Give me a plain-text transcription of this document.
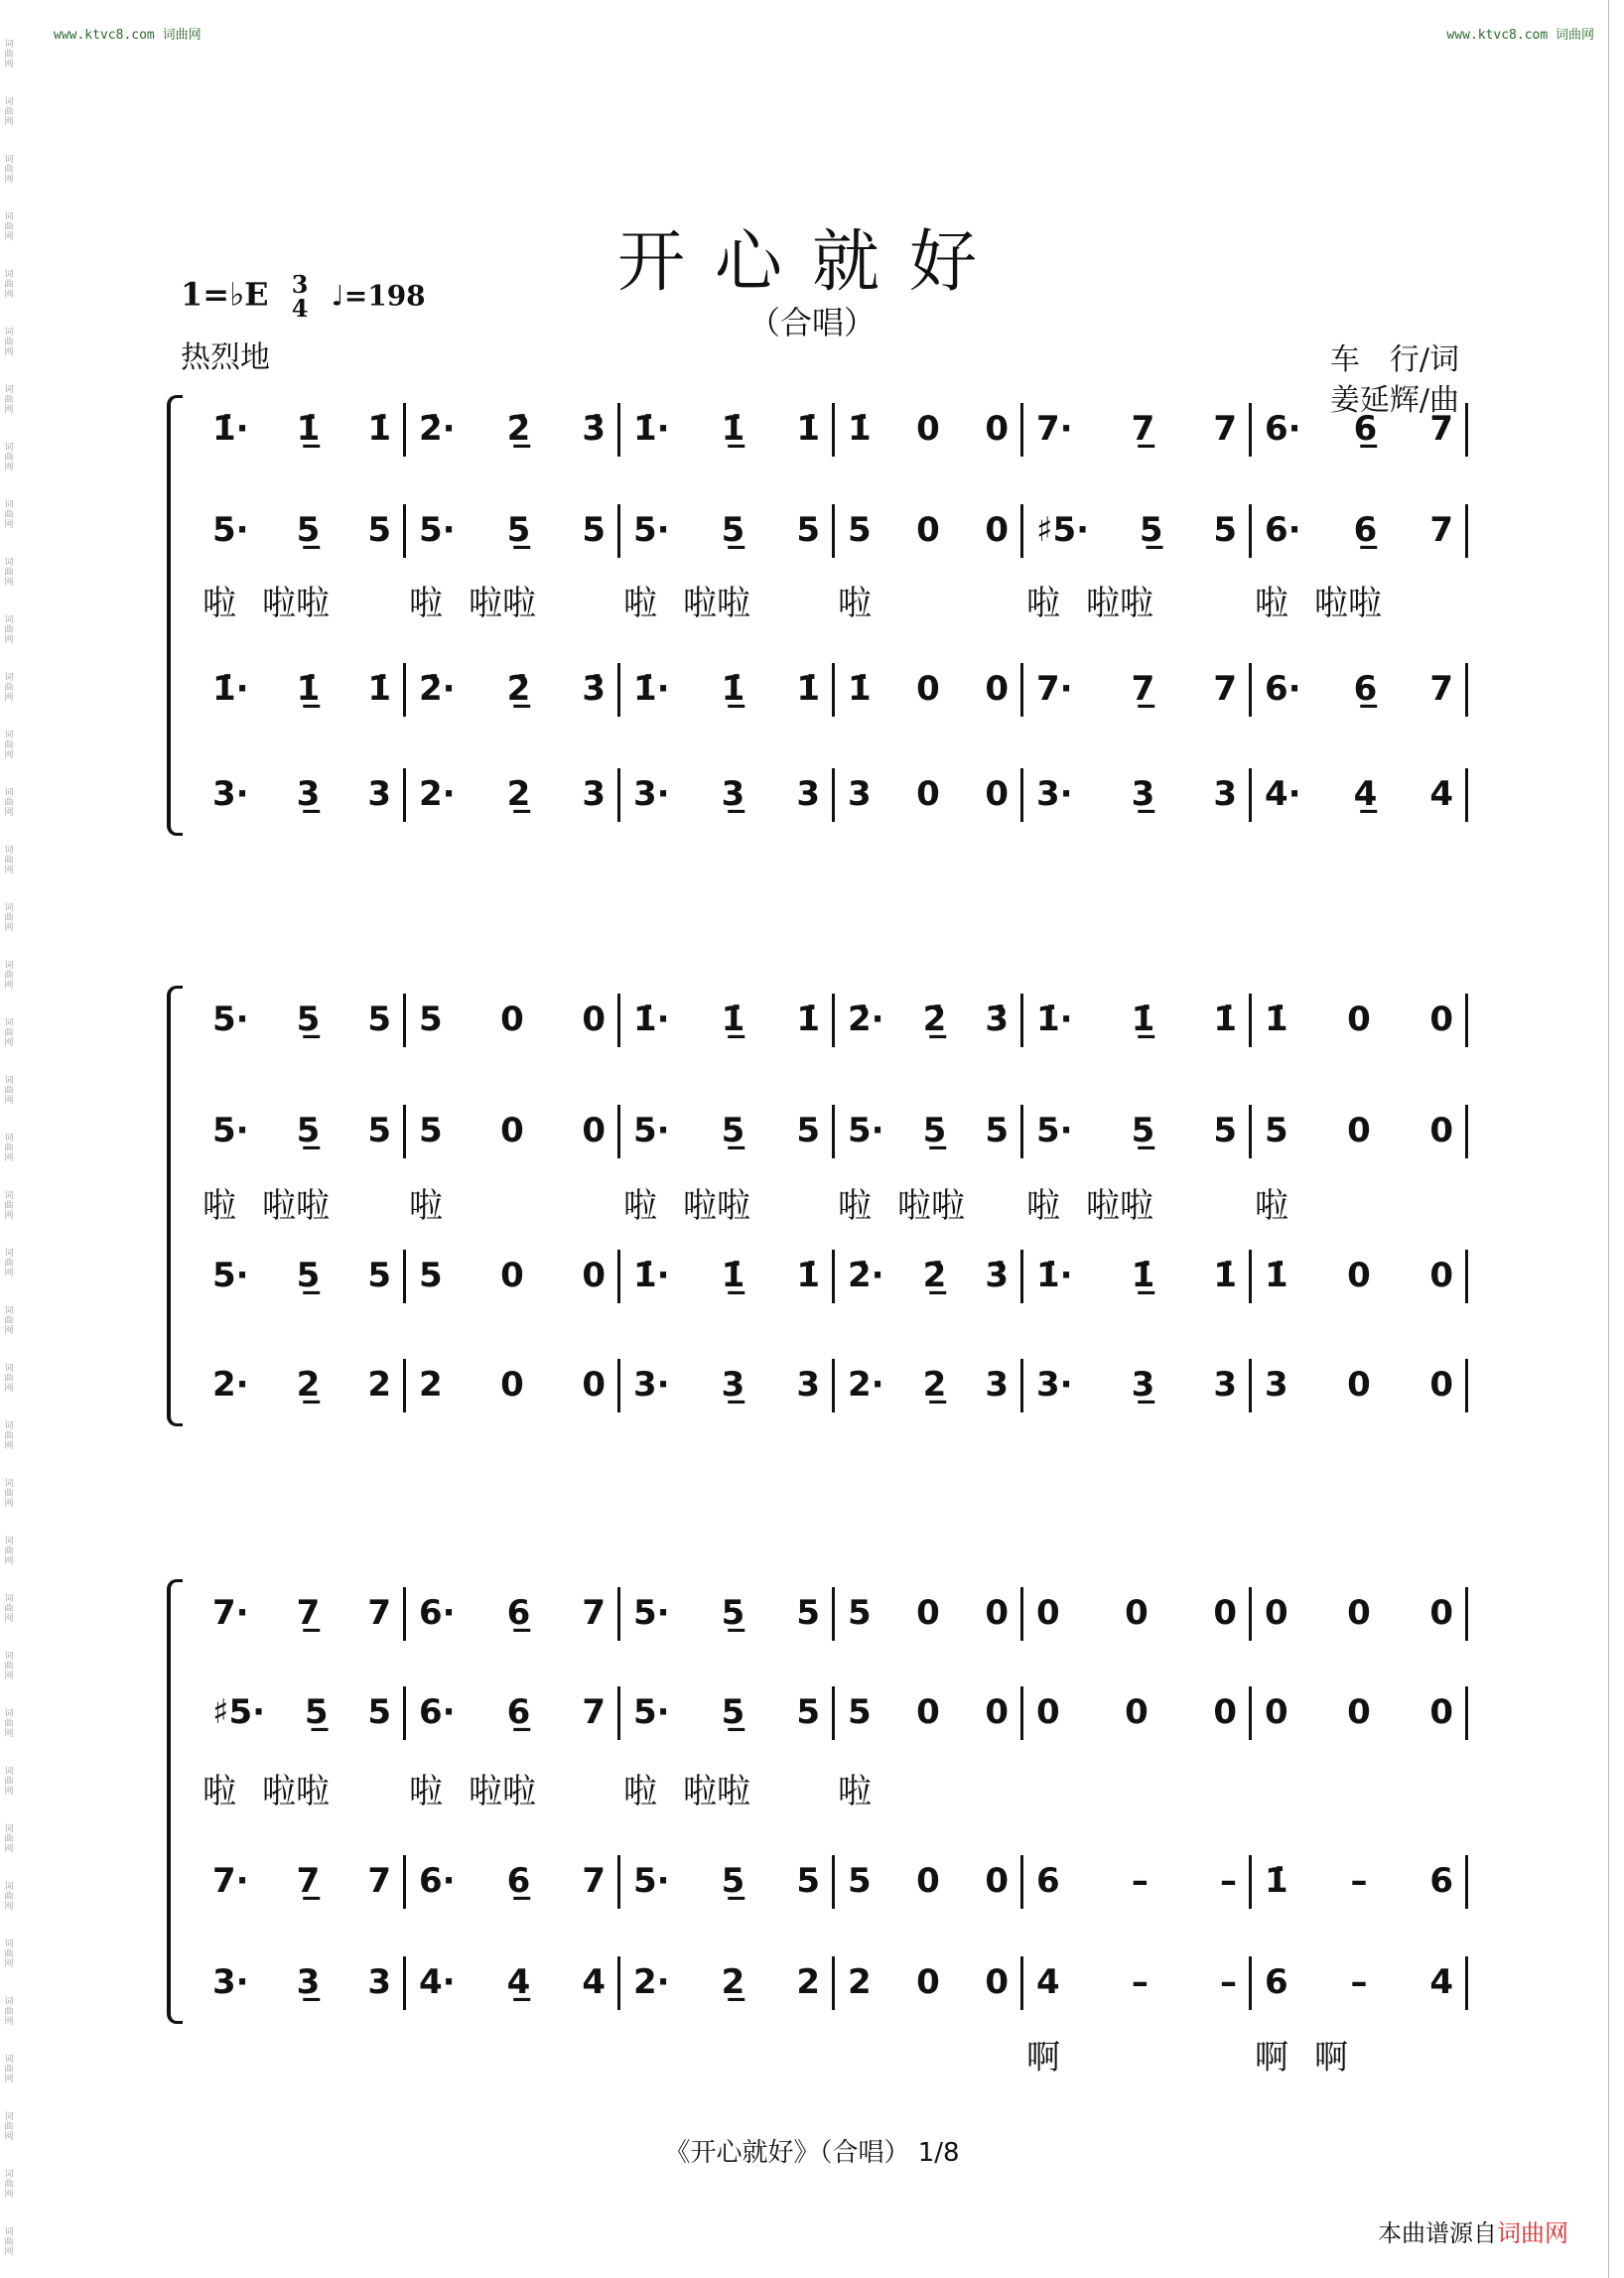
www.ktvc8.com 词曲网	www.ktvc8.com 词曲网
词
曲
网
词
曲
网
词
曲
网
词
曲
网
词
曲
网
词
曲
网
词
曲
网
词
曲
网
词
曲
网
词
曲
网
词
曲
网
词
曲
网
词
曲
网
词
曲
网
词
曲
网
词
曲
网
词
曲
网
词
曲
网
词
曲
网
词
曲
网
词
曲
网
词
曲
网
词
曲
网
词
曲
网
词
曲
网
词
曲
网
词
曲
网
词
曲
网
词
曲
网
词
曲
网
词
曲
网
词
曲
网
词
曲
网
词
曲
网
词
曲
网
词
曲
网
词
曲
网
词
曲
网
词
曲
网
开心就好
（合唱）
1=♭E 3
4 ♩=198
热烈地	车　行/词
姜延辉/曲
1̇· 1̲̇ 1̇ 2̇· 2̲̇ 3̇ 1̇· 1̲̇ 1̇ 1̇ 0 0 7· 7̲ 7 6· 6̲ 7
5· 5̲ 5 5· 5̲ 5 5· 5̲ 5 5 0 0 ♯5· 5̲ 5 6· 6̲ 7
啦 啦啦 啦 啦啦	啦 啦啦	啦	啦 啦啦	啦 啦啦
1̇· 1̲̇ 1̇ 2̇· 2̲̇ 3̇ 1̇· 1̲̇ 1̇ 1̇ 0 0 7· 7̲ 7 6· 6̲ 7
3· 3̲ 3 2· 2̲ 3 3· 3̲ 3 3 0 0 3· 3̲ 3 4· 4̲ 4
5· 5̲ 5 5 0 0 1̇· 1̲̇ 1̇ 2̇· 2̲̇ 3̇ 1̇· 1̲̇ 1̇ 1̇ 0 0
5· 5̲ 5 5 0 0 5· 5̲ 5 5· 5̲ 5 5· 5̲ 5 5 0 0
啦 啦啦 啦	啦 啦啦	啦 啦啦 啦 啦啦	啦
5· 5̲ 5 5 0 0 1̇· 1̲̇ 1̇ 2̇· 2̲̇ 3̇ 1̇· 1̲̇ 1̇ 1̇ 0 0
2· 2̲ 2 2 0 0 3· 3̲ 3 2· 2̲ 3 3· 3̲ 3 3 0 0
7· 7̲ 7 6· 6̲ 7 5· 5̲ 5 5 0 0 0 0 0 0 0 0
♯5· 5̲ 5 6· 6̲ 7 5· 5̲ 5 5 0 0 0 0 0 0 0 0
啦 啦啦 啦 啦啦	啦 啦啦	啦
7· 7̲ 7 6· 6̲ 7 5· 5̲ 5 5 0 0 6 – – 1̇ – 6
3· 3̲ 3 4· 4̲ 4 2· 2̲ 2 2 0 0 4 – – 6 – 4
啊	啊 啊
《开心就好》（合唱） 1/8
本曲谱源自词曲网
